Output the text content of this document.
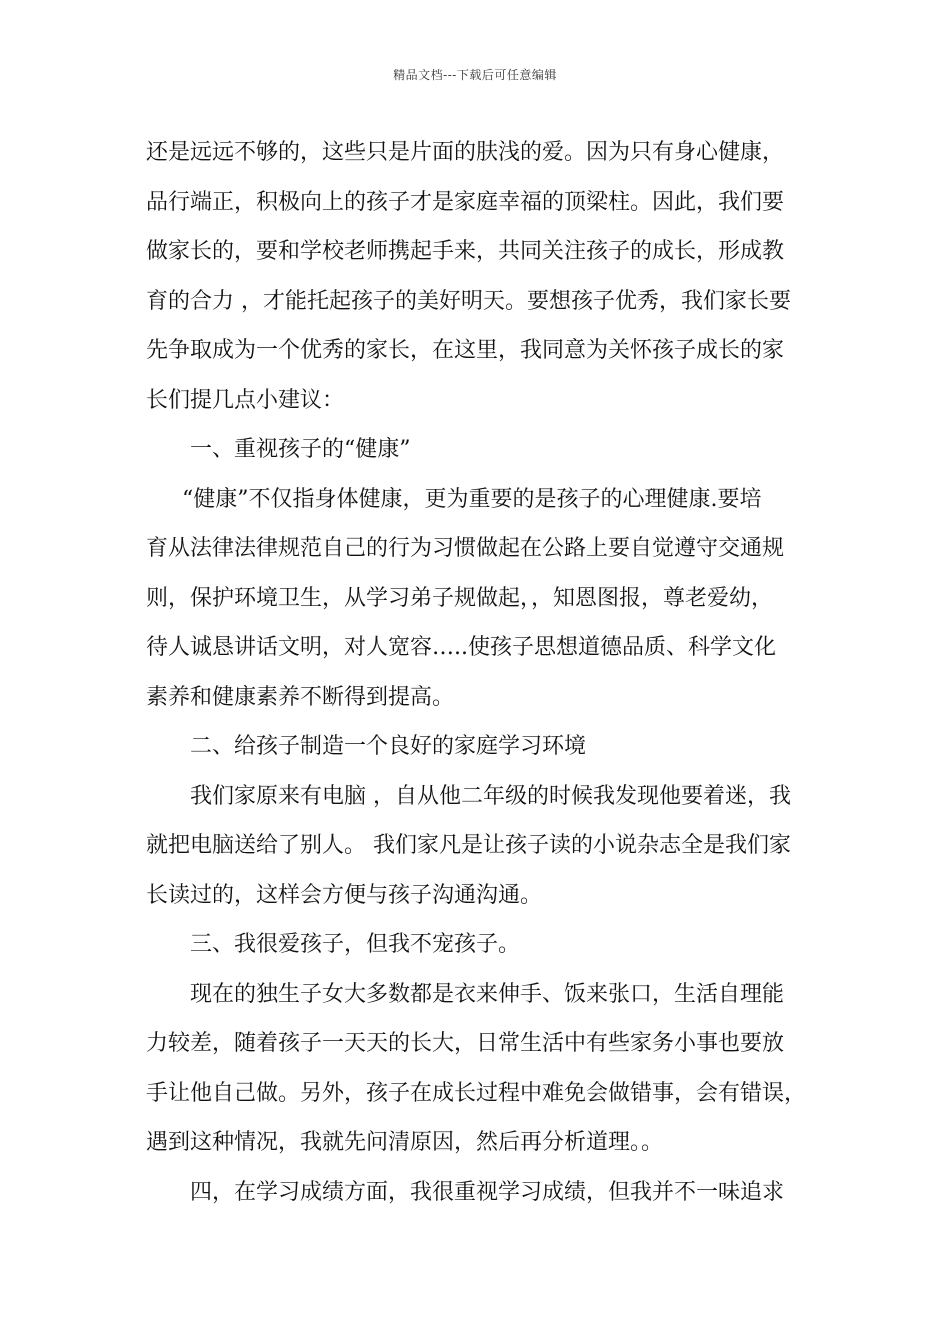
精品文档---下载后可任意编辑
还是远远不够的，这些只是片面的肤浅的爱。因为只有身心健康，
品行端正，积极向上的孩子才是家庭幸福的顶梁柱。因此，我们要
做家长的，要和学校老师携起手来，共同关注孩子的成长，形成教
育的合力 ，才能托起孩子的美好明天。要想孩子优秀，我们家长要
先争取成为一个优秀的家长，在这里，我同意为关怀孩子成长的家
长们提几点小建议：
一、重视孩子的“健康”
“健康”不仅指身体健康，更为重要的是孩子的心理健康.要培
育从法律法律规范自己的行为习惯做起在公路上要自觉遵守交通规
则，保护环境卫生，从学习弟子规做起，，知恩图报，尊老爱幼，
待人诚恳讲话文明，对人宽容…..使孩子思想道德品质、科学文化
素养和健康素养不断得到提高。
二、给孩子制造一个良好的家庭学习环境
我们家原来有电脑 ，自从他二年级的时候我发现他要着迷，我
就把电脑送给了别人。 我们家凡是让孩子读的小说杂志全是我们家
长读过的，这样会方便与孩子沟通沟通。
三、我很爱孩子，但我不宠孩子。
现在的独生子女大多数都是衣来伸手、饭来张口，生活自理能
力较差，随着孩子一天天的长大，日常生活中有些家务小事也要放
手让他自己做。另外，孩子在成长过程中难免会做错事，会有错误，
遇到这种情况，我就先问清原因，然后再分析道理。。
四，在学习成绩方面，我很重视学习成绩，但我并不一味追求
